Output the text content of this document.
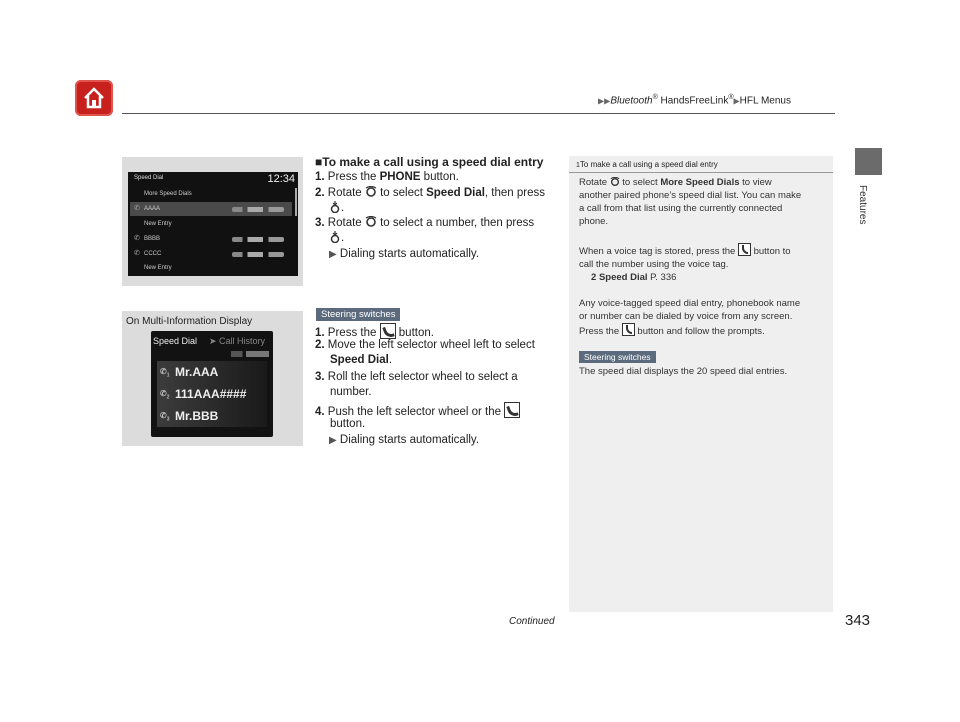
▶▶Bluetooth® HandsFreeLink®▶HFL Menus
Features
Speed Dial	12:34
More Speed Dials
✆ AAAA
New Entry
✆ BBBB
✆ CCCC
New Entry
On Multi-Information Display
Speed Dial ➤ Call History
$✆_1$ Mr.AAA
$✆_2$ 111AAA####
$✆_3$ Mr.BBB
■To make a call using a speed dial entry
1. Press the PHONE button.
2. Rotate  to select Speed Dial, then press
.
3. Rotate  to select a number, then press
.
▶ Dialing starts automatically.
Steering switches
1. Press the  button.
2. Move the left selector wheel left to select
Speed Dial.
3. Roll the left selector wheel to select a
number.
4. Push the left selector wheel or the
button.
▶ Dialing starts automatically.
1To make a call using a speed dial entry
Rotate  to select More Speed Dials to view
another paired phone’s speed dial list. You can make
a call from that list using the currently connected
phone.
When a voice tag is stored, press the  button to
call the number using the voice tag.
2 Speed Dial P. 336
Any voice-tagged speed dial entry, phonebook name
or number can be dialed by voice from any screen.
Press the  button and follow the prompts.
Steering switches
The speed dial displays the 20 speed dial entries.
Continued	343
